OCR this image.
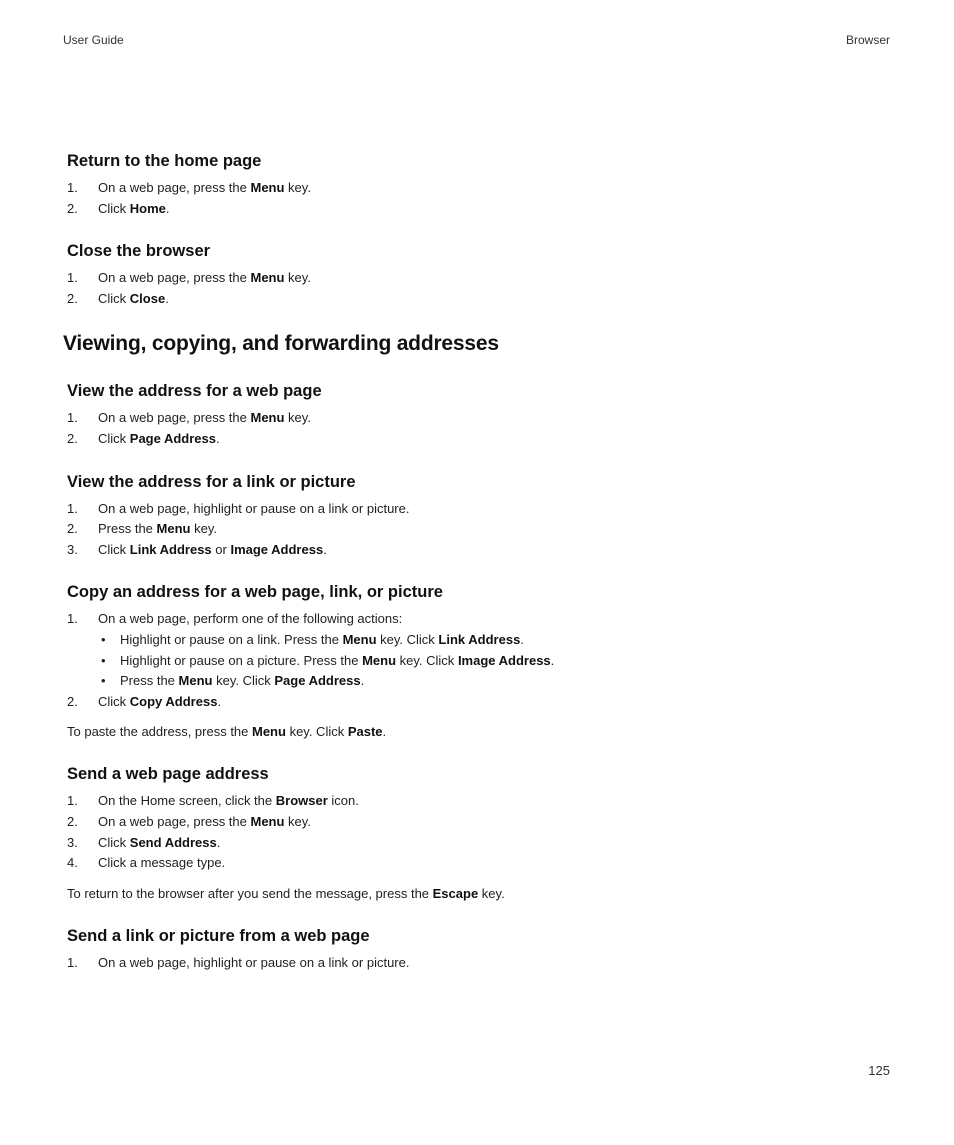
User Guide	Browser
Return to the home page
1. On a web page, press the Menu key.
2. Click Home.
Close the browser
1. On a web page, press the Menu key.
2. Click Close.
Viewing, copying, and forwarding addresses
View the address for a web page
1. On a web page, press the Menu key.
2. Click Page Address.
View the address for a link or picture
1. On a web page, highlight or pause on a link or picture.
2. Press the Menu key.
3. Click Link Address or Image Address.
Copy an address for a web page, link, or picture
1. On a web page, perform one of the following actions:
• Highlight or pause on a link. Press the Menu key. Click Link Address.
• Highlight or pause on a picture. Press the Menu key. Click Image Address.
• Press the Menu key. Click Page Address.
2. Click Copy Address.

To paste the address, press the Menu key. Click Paste.

Send a web page address
1. On the Home screen, click the Browser icon.
2. On a web page, press the Menu key.
3. Click Send Address.
4. Click a message type.

To return to the browser after you send the message, press the Escape key.

Send a link or picture from a web page
1. On a web page, highlight or pause on a link or picture.
125
